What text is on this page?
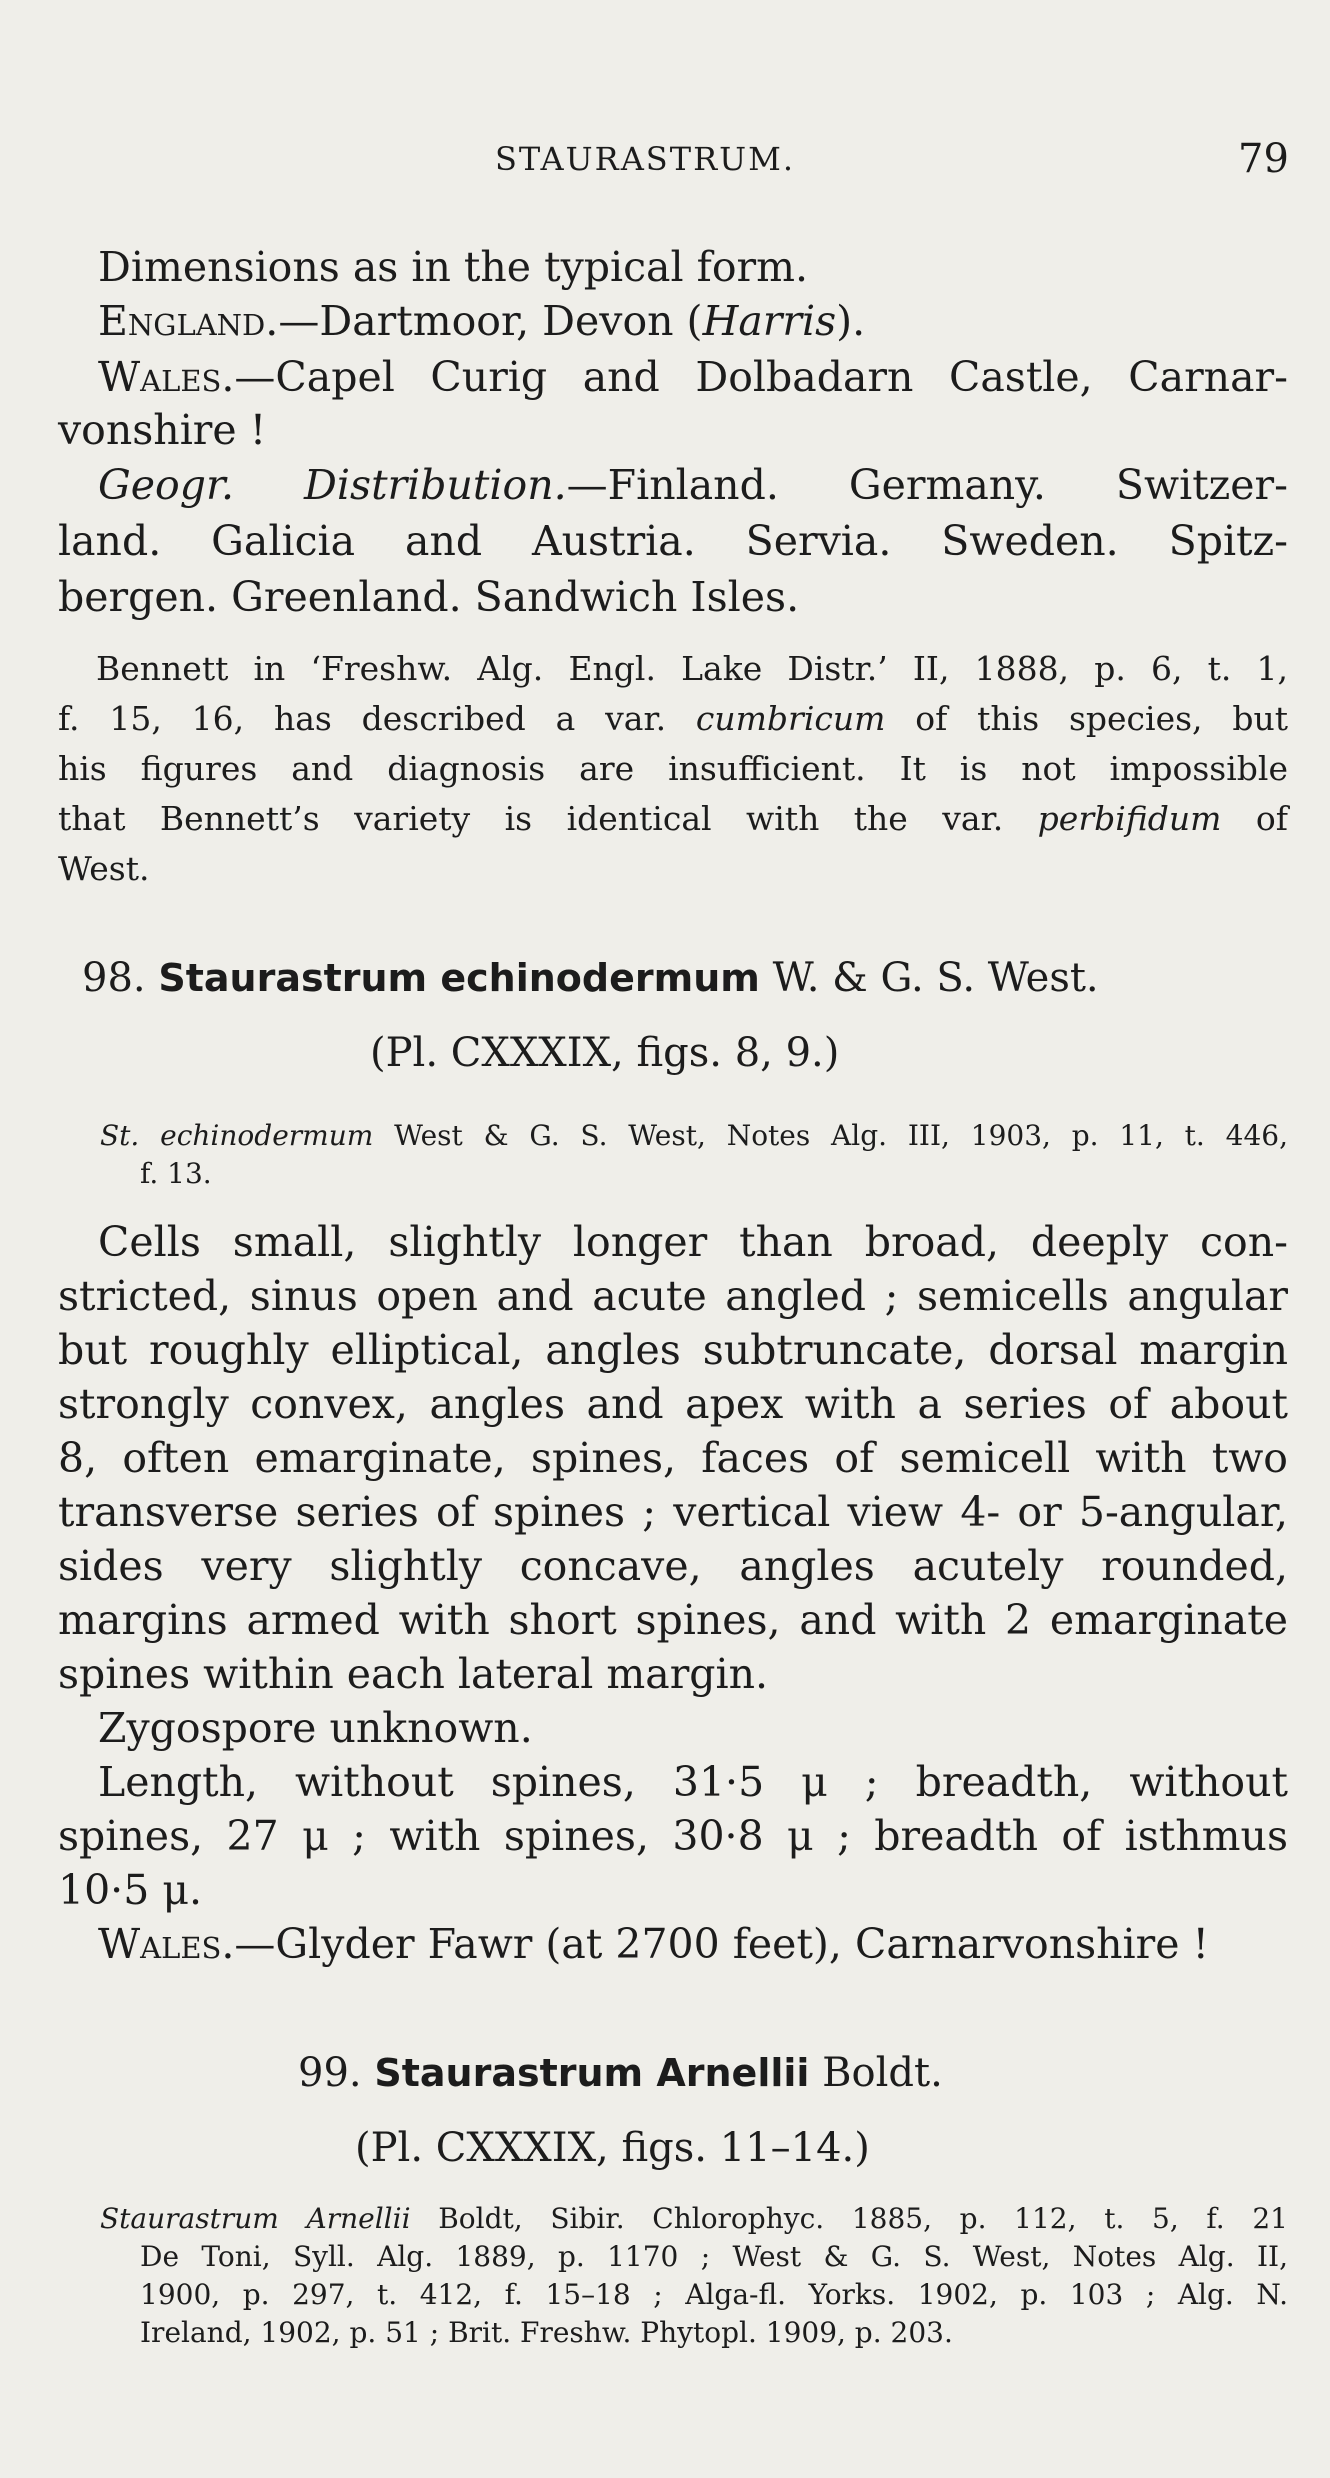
STAURASTRUM.	79
Dimensions as in the typical form.
England.—Dartmoor, Devon (Harris).
Wales.—Capel Curig and Dolbadarn Castle, Carnar-
vonshire !
Geogr. Distribution.—Finland. Germany. Switzer-
land. Galicia and Austria. Servia. Sweden. Spitz-
bergen. Greenland. Sandwich Isles.
Bennett in ‘Freshw. Alg. Engl. Lake Distr.’ II, 1888, p. 6, t. 1,
f. 15, 16, has described a var. cumbricum of this species, but
his figures and diagnosis are insufficient. It is not impossible
that Bennett’s variety is identical with the var. perbifidum of
West.
98. Staurastrum echinodermum W. & G. S. West.
(Pl. CXXXIX, figs. 8, 9.)
St. echinodermum West & G. S. West, Notes Alg. III, 1903, p. 11, t. 446,
f. 13.
Cells small, slightly longer than broad, deeply con-
stricted, sinus open and acute angled ; semicells angular
but roughly elliptical, angles subtruncate, dorsal margin
strongly convex, angles and apex with a series of about
8, often emarginate, spines, faces of semicell with two
transverse series of spines ; vertical view 4- or 5-angular,
sides very slightly concave, angles acutely rounded,
margins armed with short spines, and with 2 emarginate
spines within each lateral margin.
Zygospore unknown.
Length, without spines, 31·5 μ ; breadth, without
spines, 27 μ ; with spines, 30·8 μ ; breadth of isthmus
10·5 μ.
Wales.—Glyder Fawr (at 2700 feet), Carnarvonshire !
99. Staurastrum Arnellii Boldt.
(Pl. CXXXIX, figs. 11–14.)
Staurastrum Arnellii Boldt, Sibir. Chlorophyc. 1885, p. 112, t. 5, f. 21
De Toni, Syll. Alg. 1889, p. 1170 ; West & G. S. West, Notes Alg. II,
1900, p. 297, t. 412, f. 15–18 ; Alga-fl. Yorks. 1902, p. 103 ; Alg. N.
Ireland, 1902, p. 51 ; Brit. Freshw. Phytopl. 1909, p. 203.
